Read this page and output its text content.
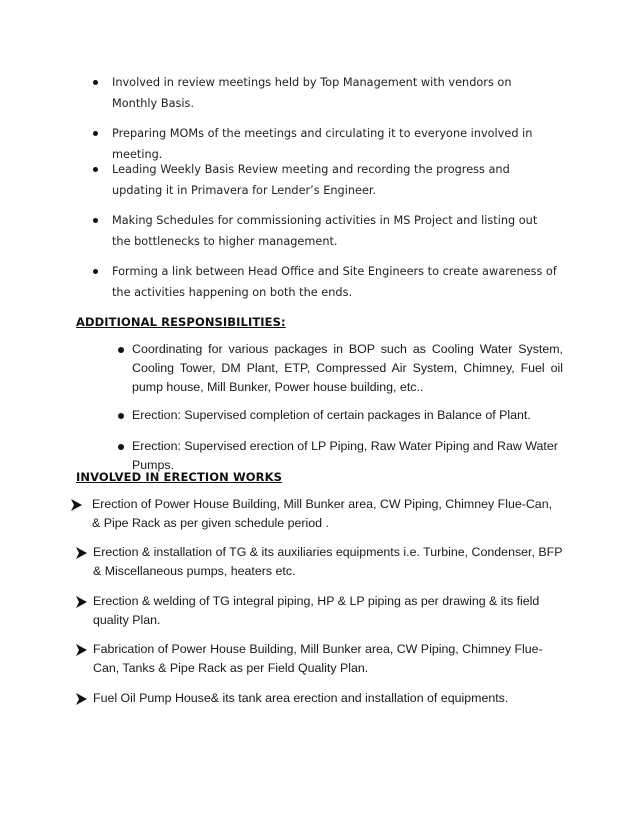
Involved in review meetings held by Top Management with vendors on Monthly Basis.
Preparing MOMs of the meetings and circulating it to everyone involved in meeting.
Leading Weekly Basis Review meeting and recording the progress and updating it in Primavera for Lender’s Engineer.
Making Schedules for commissioning activities in MS Project and listing out the bottlenecks to higher management.
Forming a link between Head Office and Site Engineers to create awareness of the activities happening on both the ends.
ADDITIONAL RESPONSIBILITIES:
Coordinating for various packages in BOP such as Cooling Water System, Cooling Tower, DM Plant, ETP, Compressed Air System, Chimney, Fuel oil pump house, Mill Bunker, Power house building, etc..
Erection: Supervised completion of certain packages in Balance of Plant.
Erection: Supervised erection of LP Piping, Raw Water Piping and Raw Water Pumps.
INVOLVED IN ERECTION WORKS
Erection of Power House Building, Mill Bunker area, CW Piping, Chimney Flue-Can, & Pipe Rack as per given schedule period .
Erection & installation of TG & its auxiliaries equipments i.e. Turbine, Condenser, BFP & Miscellaneous pumps, heaters etc.
Erection & welding of TG integral piping, HP & LP piping as per drawing & its field quality Plan.
Fabrication of Power House Building, Mill Bunker area, CW Piping, Chimney Flue-Can, Tanks & Pipe Rack as per Field Quality Plan.
Fuel Oil Pump House& its tank area erection and installation of equipments.
